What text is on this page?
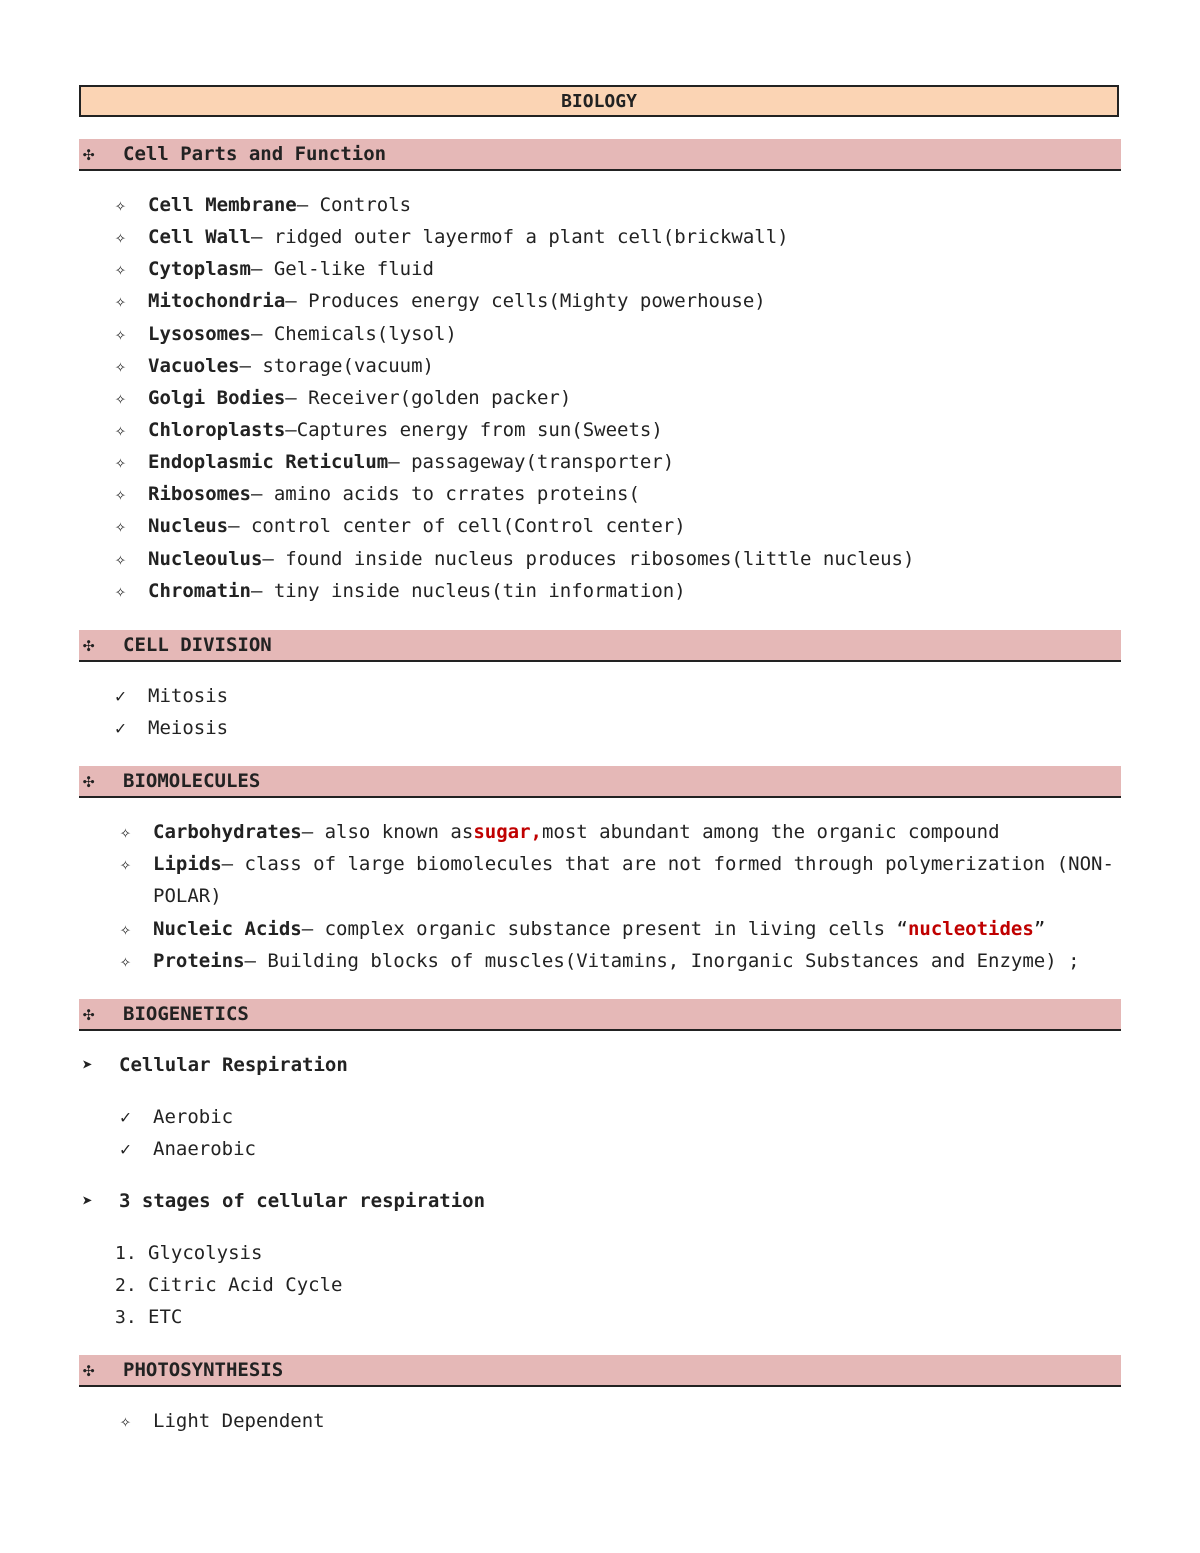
BIOLOGY
✣	Cell Parts and Function
✧	Cell Membrane – Controls
✧	Cell Wall – ridged outer layermof a plant cell(brickwall)
✧	Cytoplasm – Gel-like fluid
✧	Mitochondria – Produces energy cells(Mighty powerhouse)
✧	Lysosomes – Chemicals(lysol)
✧	Vacuoles – storage(vacuum)
✧	Golgi Bodies – Receiver(golden packer)
✧	Chloroplasts –Captures energy from sun(Sweets)
✧	Endoplasmic Reticulum – passageway(transporter)
✧	Ribosomes – amino acids to crrates proteins(
✧	Nucleus – control center of cell(Control center)
✧	Nucleoulus – found inside nucleus produces ribosomes(little nucleus)
✧	Chromatin – tiny inside nucleus(tin information)
✣	CELL DIVISION
✓	Mitosis
✓	Meiosis
✣	BIOMOLECULES
✧	Carbohydrates – also known as sugar, most abundant among the organic compound
✧	Lipids – class of large biomolecules that are not formed through polymerization (NON-
POLAR)
✧	Nucleic Acids – complex organic substance present in living cells “ nucleotides ”
✧	Proteins – Building blocks of muscles(Vitamins, Inorganic Substances and Enzyme) ;
✣	BIOGENETICS
➤	Cellular Respiration
✓	Aerobic
✓	Anaerobic
➤	3 stages of cellular respiration
1. Glycolysis
2. Citric Acid Cycle
3. ETC
✣	PHOTOSYNTHESIS
✧	Light Dependent
